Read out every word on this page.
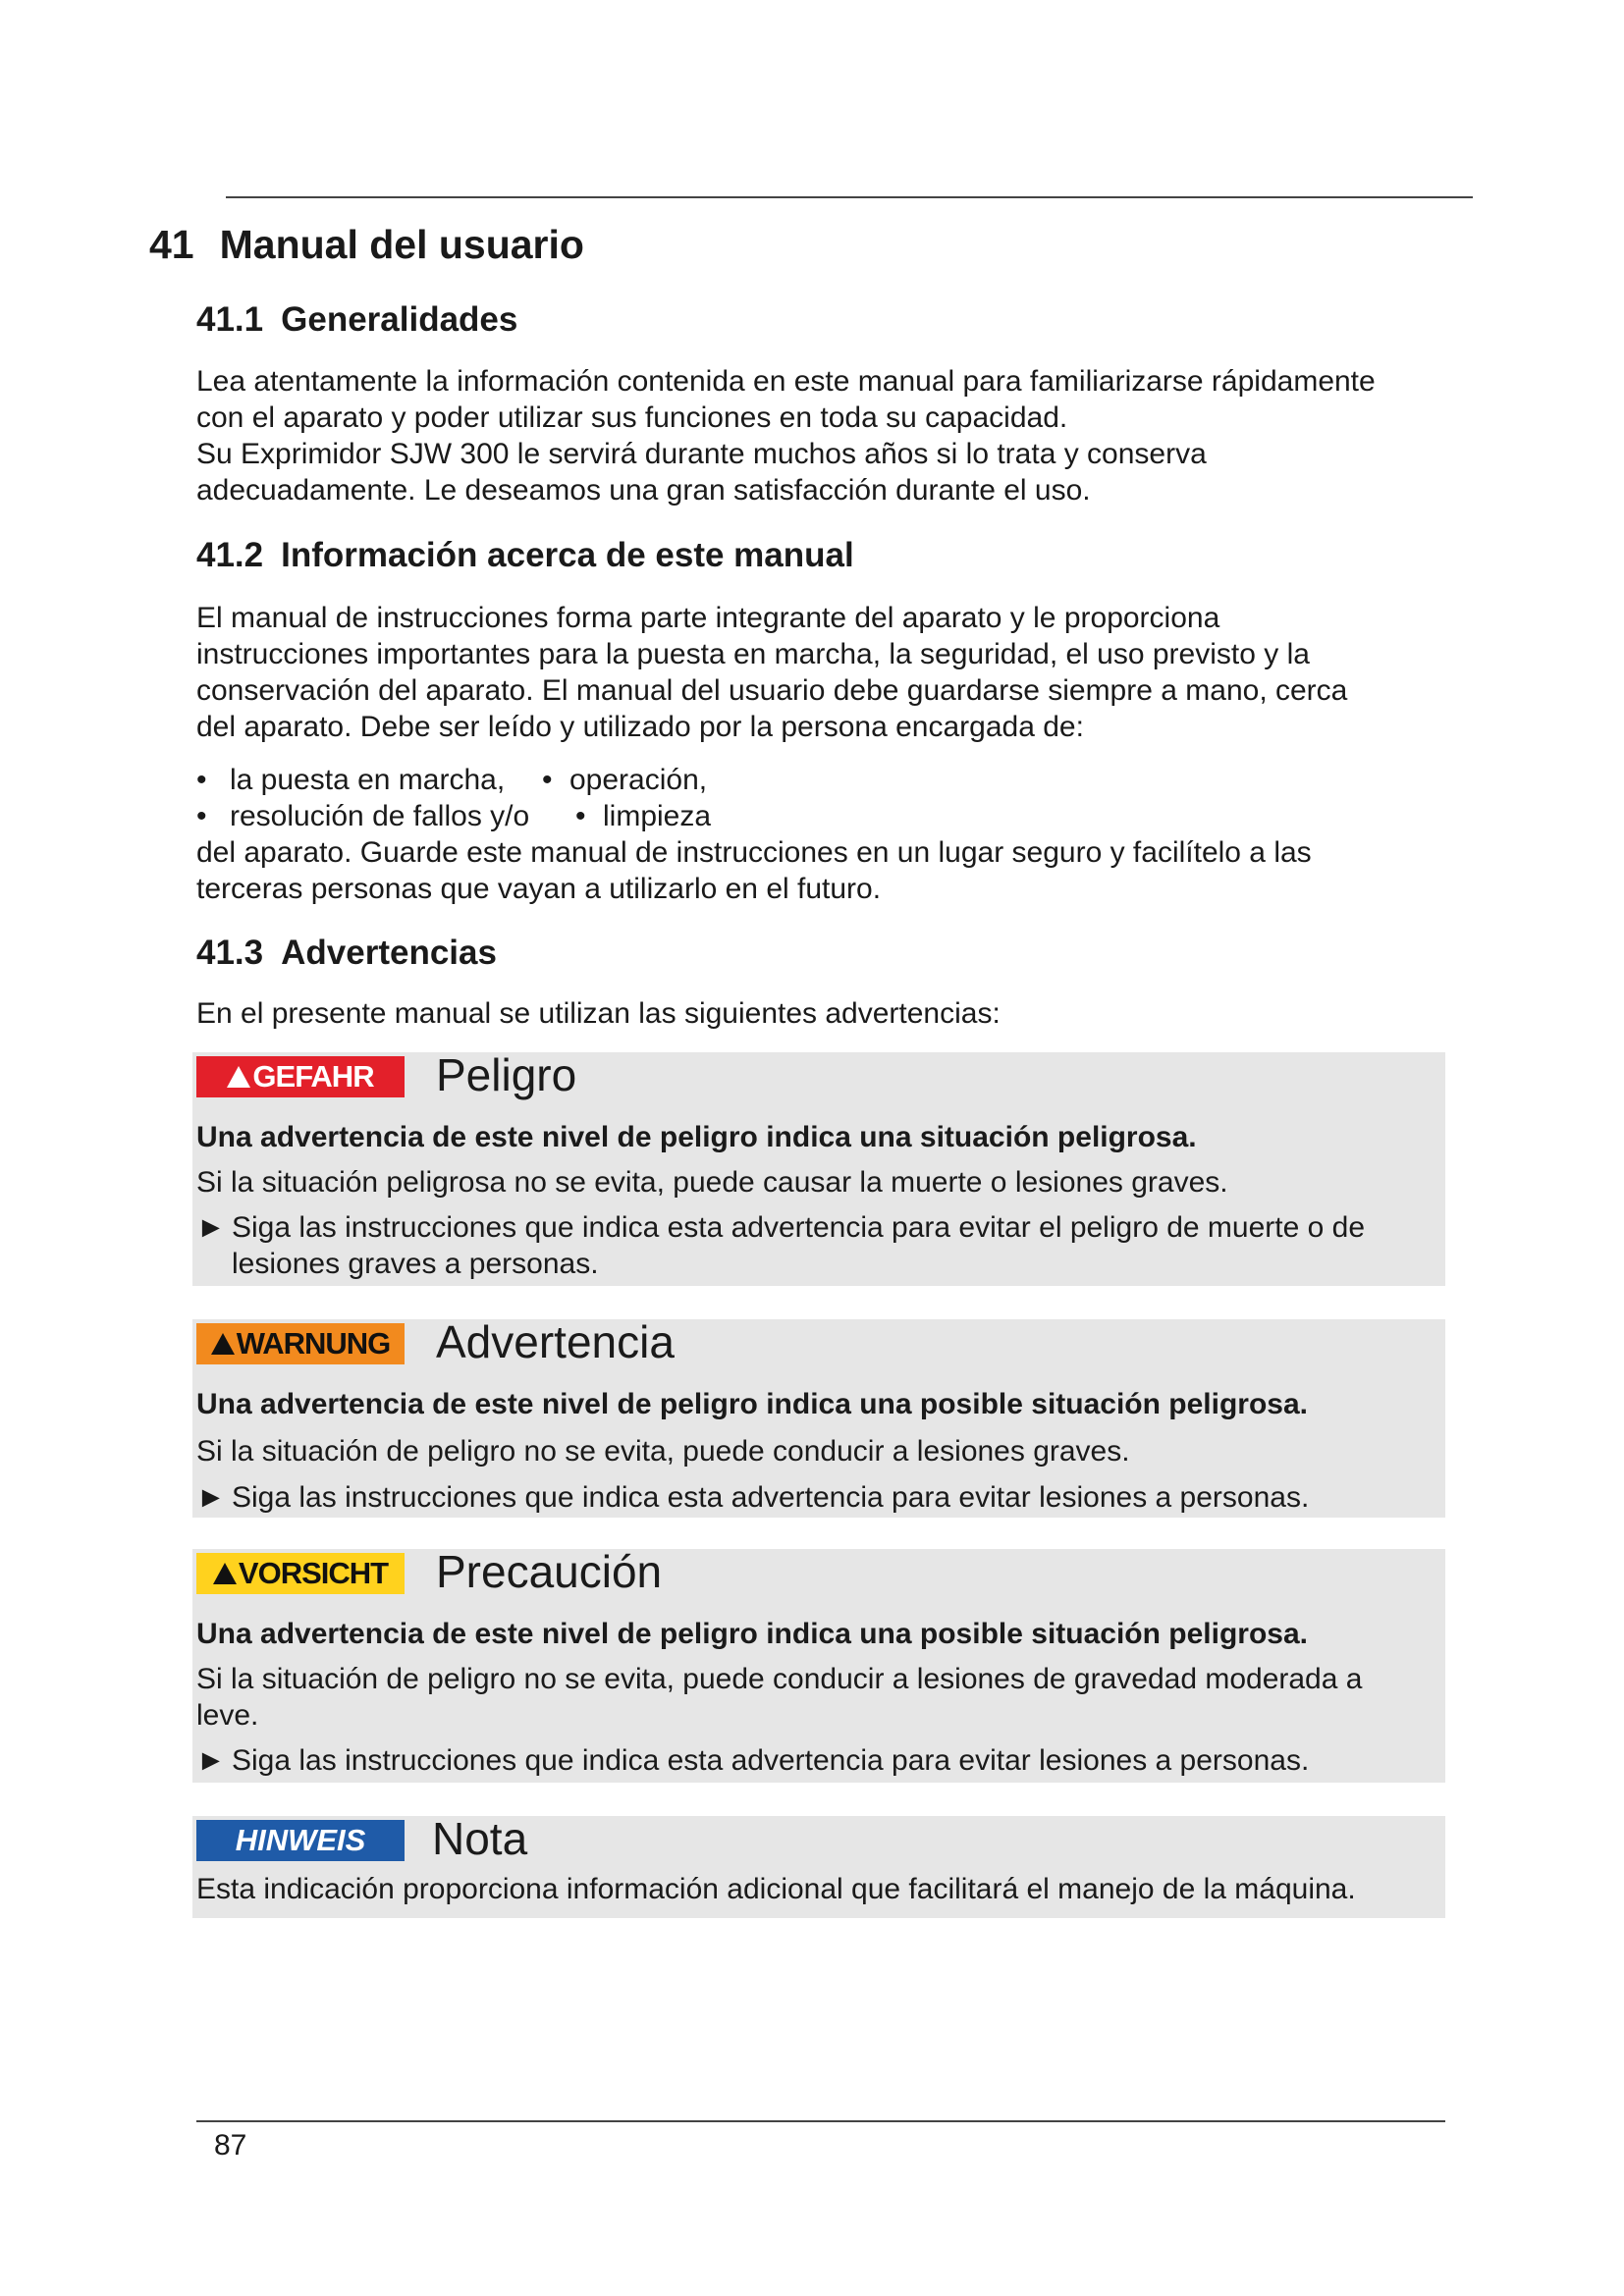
41 Manual del usuario
41.1 Generalidades
Lea atentamente la información contenida en este manual para familiarizarse rápidamente
con el aparato y poder utilizar sus funciones en toda su capacidad.
Su Exprimidor SJW 300 le servirá durante muchos años si lo trata y conserva
adecuadamente. Le deseamos una gran satisfacción durante el uso.
41.2 Información acerca de este manual
El manual de instrucciones forma parte integrante del aparato y le proporciona
instrucciones importantes para la puesta en marcha, la seguridad, el uso previsto y la
conservación del aparato. El manual del usuario debe guardarse siempre a mano, cerca
del aparato. Debe ser leído y utilizado por la persona encargada de:
• la puesta en marcha, • operación,
• resolución de fallos y/o • limpieza
del aparato. Guarde este manual de instrucciones en un lugar seguro y facilítelo a las
terceras personas que vayan a utilizarlo en el futuro.
41.3 Advertencias
En el presente manual se utilizan las siguientes advertencias:
GEFAHR	Peligro
Una advertencia de este nivel de peligro indica una situación peligrosa.
Si la situación peligrosa no se evita, puede causar la muerte o lesiones graves.
► Siga las instrucciones que indica esta advertencia para evitar el peligro de muerte o de
lesiones graves a personas.
WARNUNG	Advertencia
Una advertencia de este nivel de peligro indica una posible situación peligrosa.
Si la situación de peligro no se evita, puede conducir a lesiones graves.
► Siga las instrucciones que indica esta advertencia para evitar lesiones a personas.
VORSICHT	Precaución
Una advertencia de este nivel de peligro indica una posible situación peligrosa.
Si la situación de peligro no se evita, puede conducir a lesiones de gravedad moderada a
leve.
► Siga las instrucciones que indica esta advertencia para evitar lesiones a personas.
HINWEIS	Nota
Esta indicación proporciona información adicional que facilitará el manejo de la máquina.
87
